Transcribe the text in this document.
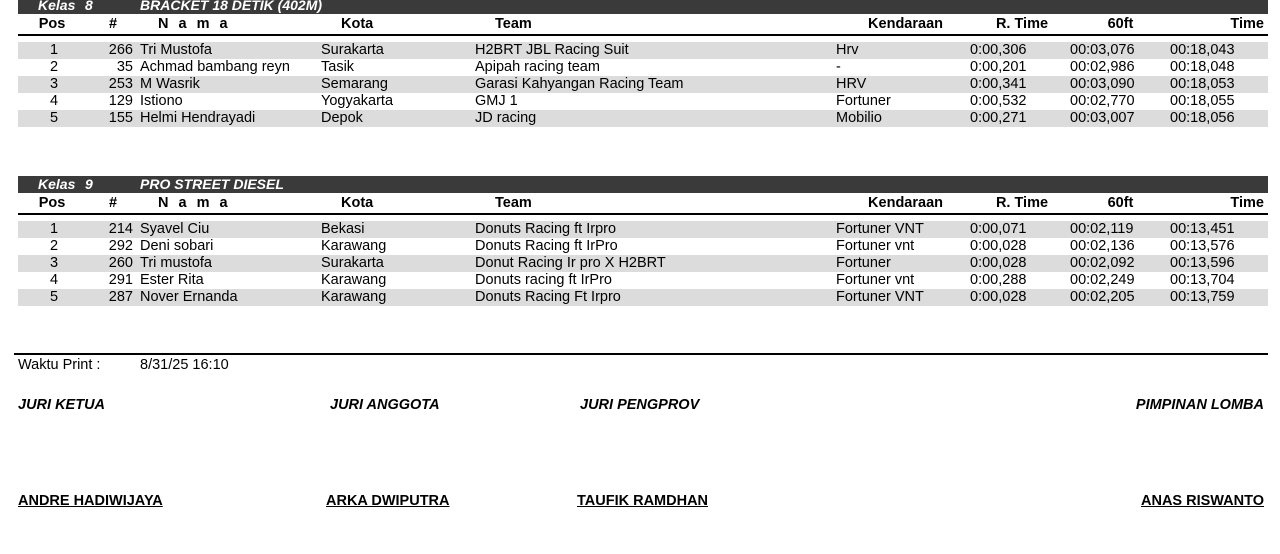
Kelas 8	BRACKET 18 DETIK (402M)
Pos	#	N a m a	Kota	Team	Kendaraan	R. Time	60ft	Time
1	266 Tri Mustofa	Surakarta	H2BRT JBL Racing Suit	Hrv	0:00,306	00:03,076	00:18,043
2	35 Achmad bambang reyn	Tasik	Apipah racing team	-	0:00,201	00:02,986	00:18,048
3	253 M Wasrik	Semarang	Garasi Kahyangan Racing Team	HRV	0:00,341	00:03,090	00:18,053
4	129 Istiono	Yogyakarta	GMJ 1	Fortuner	0:00,532	00:02,770	00:18,055
5	155 Helmi Hendrayadi	Depok	JD racing	Mobilio	0:00,271	00:03,007	00:18,056
Kelas 9	PRO STREET DIESEL
Pos	#	N a m a	Kota	Team	Kendaraan	R. Time	60ft	Time
1	214 Syavel Ciu	Bekasi	Donuts Racing ft Irpro	Fortuner VNT	0:00,071	00:02,119	00:13,451
2	292 Deni sobari	Karawang	Donuts Racing ft IrPro	Fortuner vnt	0:00,028	00:02,136	00:13,576
3	260 Tri mustofa	Surakarta	Donut Racing Ir pro X H2BRT	Fortuner	0:00,028	00:02,092	00:13,596
4	291 Ester Rita	Karawang	Donuts racing ft IrPro	Fortuner vnt	0:00,288	00:02,249	00:13,704
5	287 Nover Ernanda	Karawang	Donuts Racing Ft Irpro	Fortuner VNT	0:00,028	00:02,205	00:13,759
Waktu Print :	8/31/25 16:10
JURI KETUA	JURI ANGGOTA	JURI PENGPROV	PIMPINAN LOMBA
ANDRE HADIWIJAYA	ARKA DWIPUTRA	TAUFIK RAMDHAN	ANAS RISWANTO
